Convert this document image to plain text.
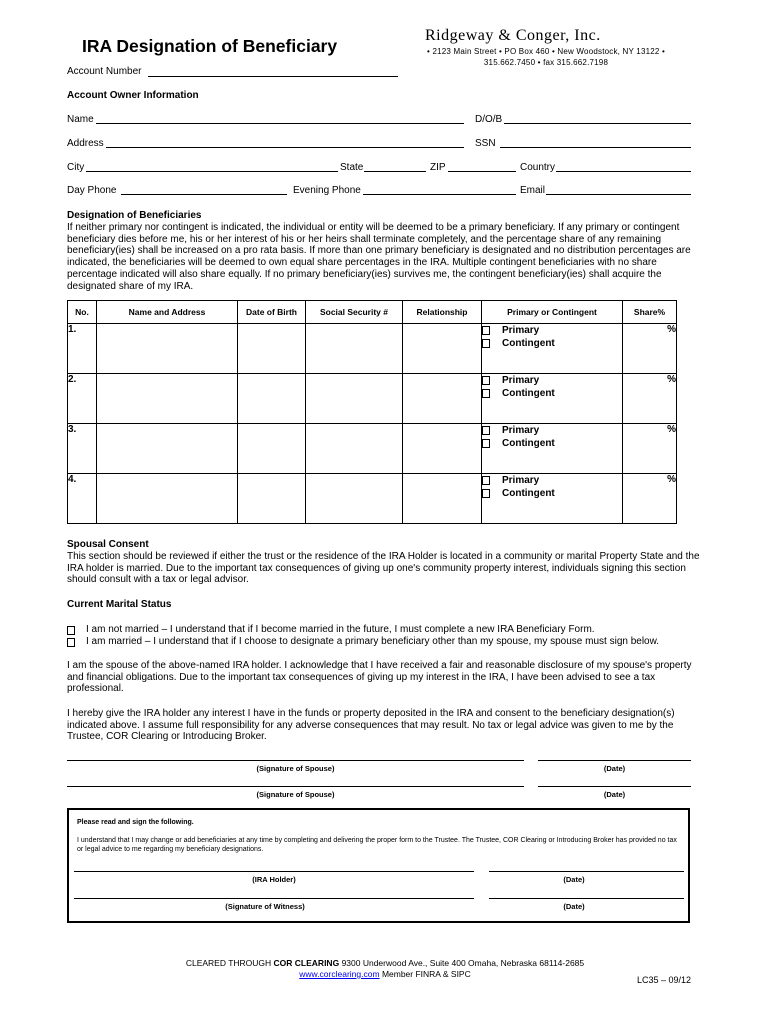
IRA Designation of Beneficiary
Ridgeway & Conger, Inc.
• 2123 Main Street • PO Box 460 • New Woodstock, NY 13122 •
315.662.7450 • fax 315.662.7198
Account Number
Account Owner Information
Name	D/O/B
Address	SSN
City	State	ZIP	Country
Day Phone	Evening Phone	Email
Designation of Beneficiaries
If neither primary nor contingent is indicated, the individual or entity will be deemed to be a primary beneficiary. If any primary or contingent beneficiary dies before me, his or her interest of his or her heirs shall terminate completely, and the percentage share of any remaining beneficiary(ies) shall be increased on a pro rata basis. If more than one primary beneficiary is designated and no distribution percentages are indicated, the beneficiaries will be deemed to own equal share percentages in the IRA. Multiple contingent beneficiaries with no share percentage indicated will also share equally. If no primary beneficiary(ies) survives me, the contingent beneficiary(ies) shall acquire the designated share of my IRA.
No.	Name and Address	Date of Birth	Social Security #	Relationship	Primary or Contingent	Share%
1.					Primary
Contingent	%
2.					Primary
Contingent	%
3.					Primary
Contingent	%
4.					Primary
Contingent	%
Spousal Consent
This section should be reviewed if either the trust or the residence of the IRA Holder is located in a community or marital Property State and the IRA holder is married. Due to the important tax consequences of giving up one's community property interest, individuals signing this section should consult with a tax or legal advisor.
Current Marital Status
I am not married – I understand that if I become married in the future, I must complete a new IRA Beneficiary Form.
I am married – I understand that if I choose to designate a primary beneficiary other than my spouse, my spouse must sign below.
I am the spouse of the above-named IRA holder. I acknowledge that I have received a fair and reasonable disclosure of my spouse's property and financial obligations. Due to the important tax consequences of giving up my interest in the IRA, I have been advised to see a tax professional.
I hereby give the IRA holder any interest I have in the funds or property deposited in the IRA and consent to the beneficiary designation(s) indicated above. I assume full responsibility for any adverse consequences that may result. No tax or legal advice was given to me by the Trustee, COR Clearing or Introducing Broker.
(Signature of Spouse)	(Date)
(Signature of Spouse)	(Date)
Please read and sign the following.
I understand that I may change or add beneficiaries at any time by completing and delivering the proper form to the Trustee. The Trustee, COR Clearing or Introducing Broker has provided no tax or legal advice to me regarding my beneficiary designations.
(IRA Holder)	(Date)
(Signature of Witness)	(Date)
CLEARED THROUGH COR CLEARING 9300 Underwood Ave., Suite 400 Omaha, Nebraska 68114-2685
www.corclearing.com Member FINRA & SIPC
LC35 – 09/12
